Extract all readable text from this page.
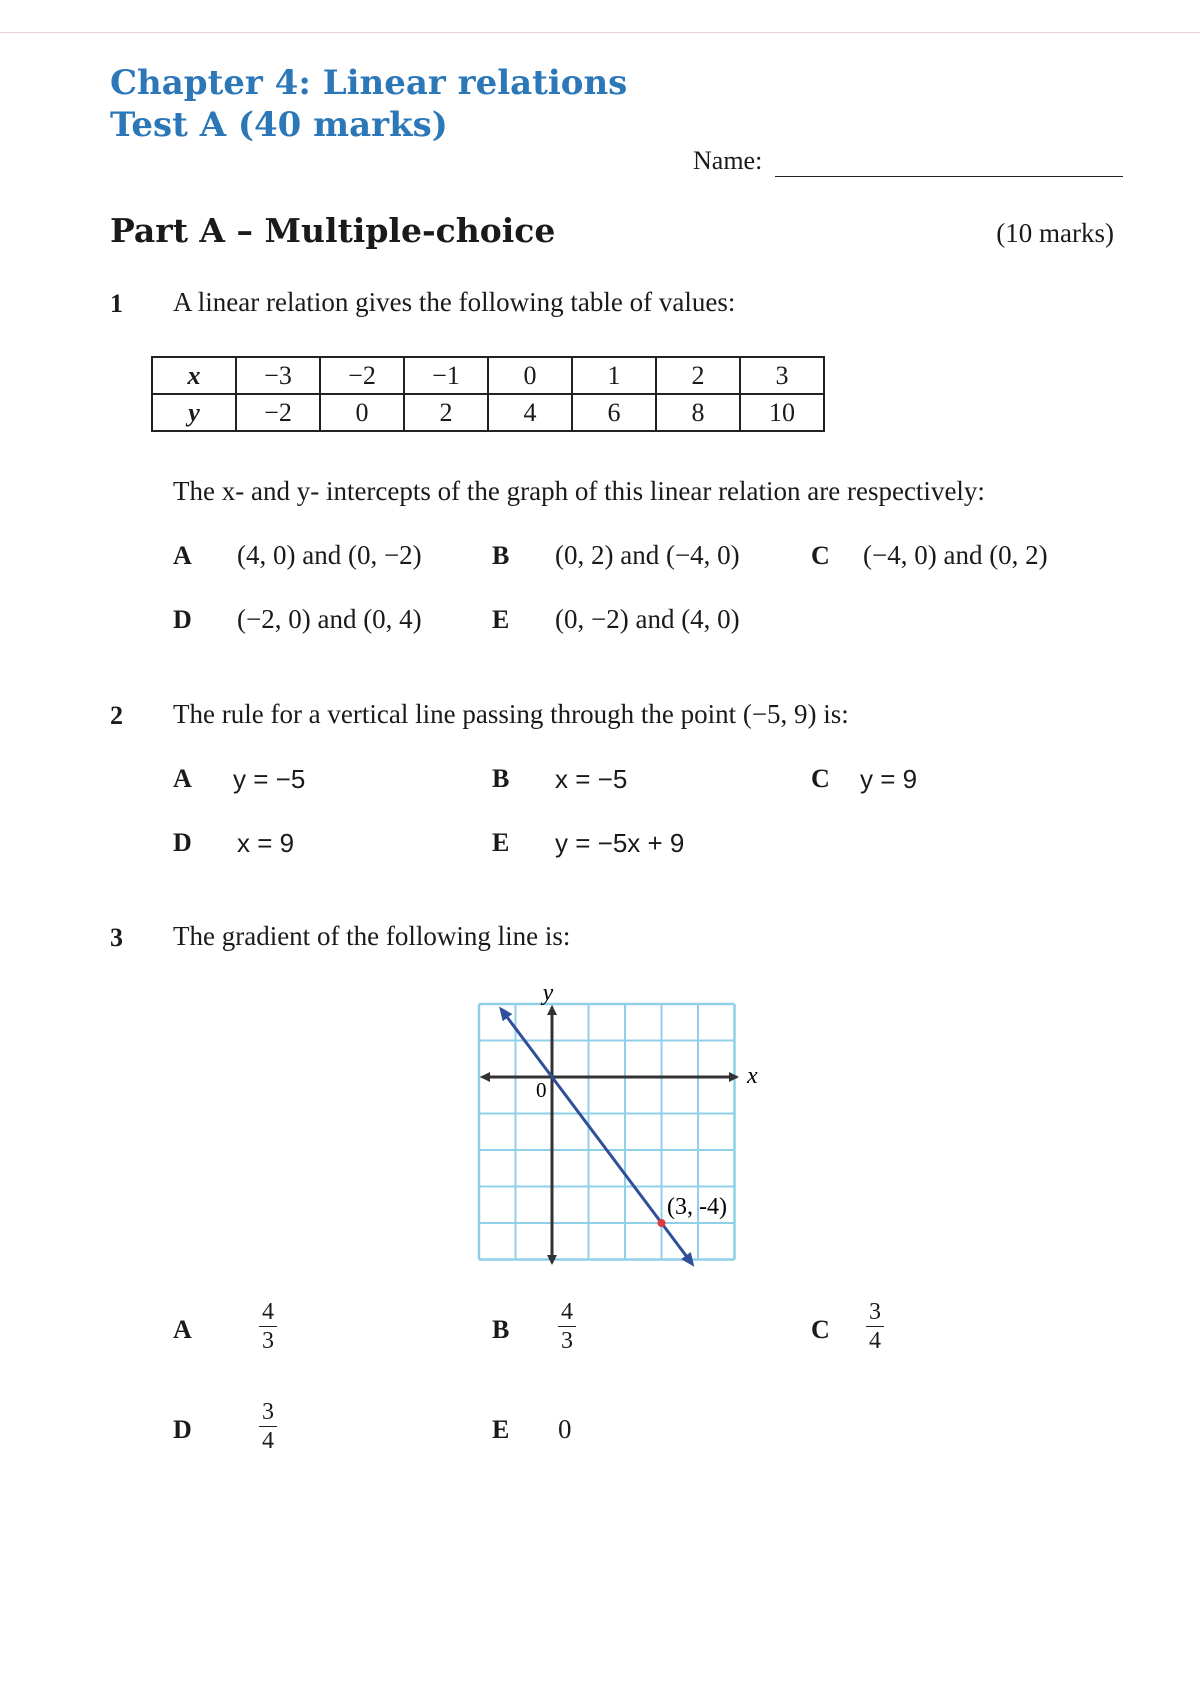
Chapter 4: Linear relations
Test A (40 marks)
Name:
Part A – Multiple-choice	(10 marks)
1 A linear relation gives the following table of values:
x	−3	−2	−1	0	1	2	3
y	−2	0	2	4	6	8	10
The x- and y- intercepts of the graph of this linear relation are respectively:
A (4, 0) and (0, −2)	B (0, 2) and (−4, 0)	C (−4, 0) and (0, 2)
D (−2, 0) and (0, 4)	E (0, −2) and (4, 0)
2 The rule for a vertical line passing through the point (−5, 9) is:
A y = −5	B x = −5	C y = 9
D x = 9	E y = −5x + 9
3 The gradient of the following line is:
y
x
0
(3, -4)
A	$\frac{4}{3}$	B $\frac{4}{3}$	C $\frac{3}{4}$
D	$\frac{3}{4}$	E 0
